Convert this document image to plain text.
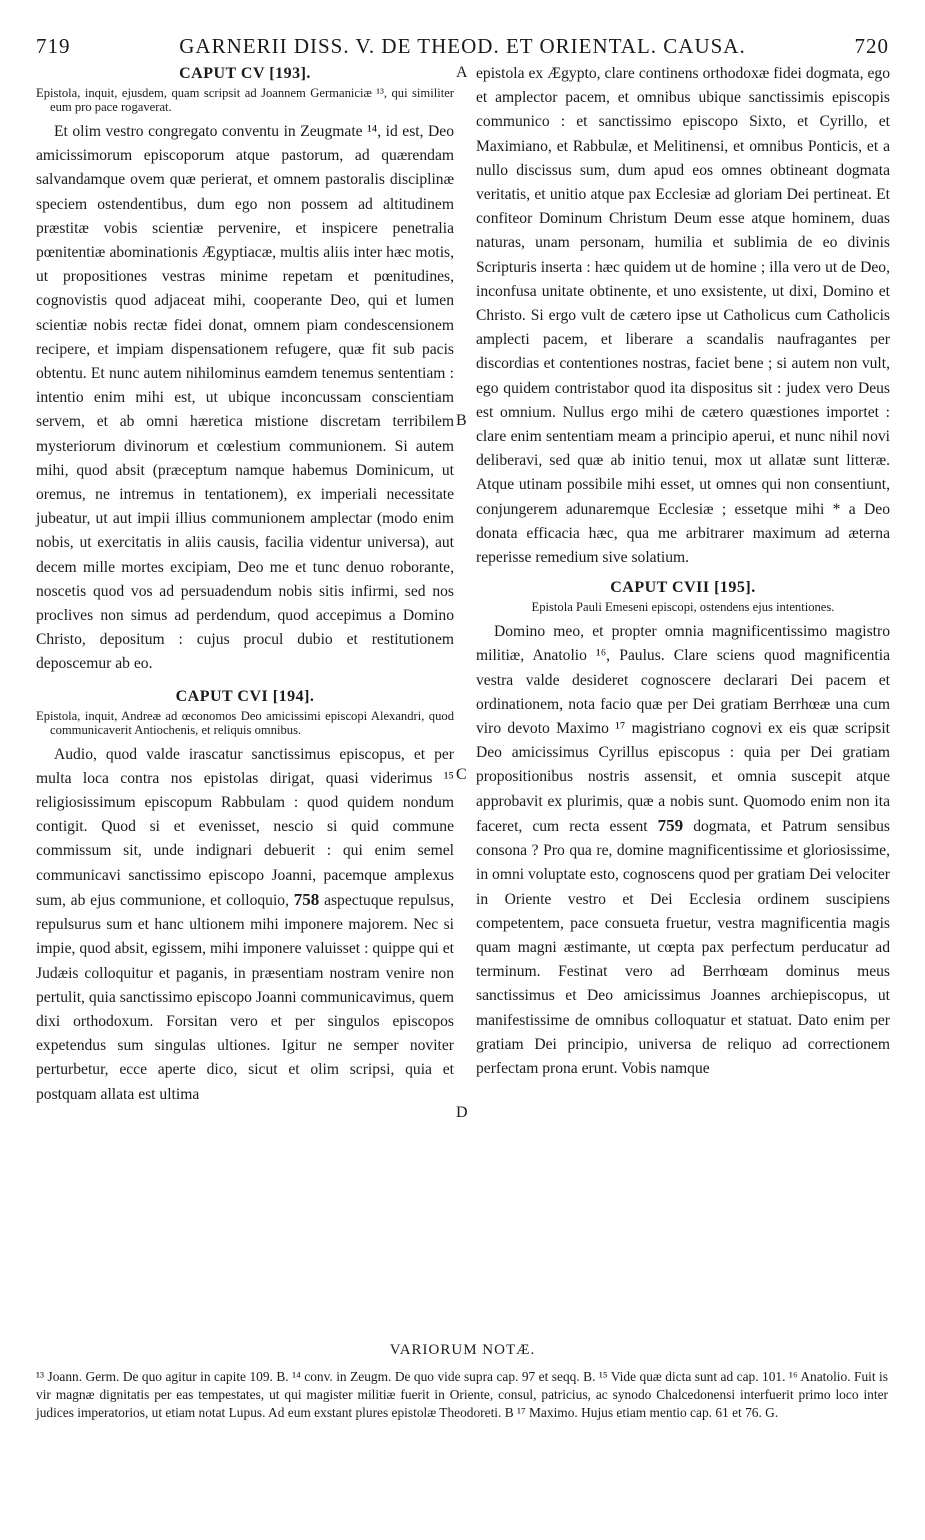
719	GARNERII DISS. V. DE THEOD. ET ORIENTAL. CAUSA.	720
A
B
C
D
CAPUT CV [193].
Epistola, inquit, ejusdem, quam scripsit ad Joannem Germaniciæ ¹³, qui similiter eum pro pace rogaverat.

Et olim vestro congregato conventu in Zeugmate ¹⁴, id est, Deo amicissimorum episcoporum atque pastorum, ad quærendam salvandamque ovem quæ perierat, et omnem pastoralis disciplinæ speciem ostendentibus, dum ego non possem ad altitudinem præstitæ vobis scientiæ pervenire, et inspicere penetralia pœnitentiæ abominationis Ægyptiacæ, multis aliis inter hæc motis, ut propositiones vestras minime repetam et pœnitudines, cognovistis quod adjaceat mihi, cooperante Deo, qui et lumen scientiæ nobis rectæ fidei donat, omnem piam condescensionem recipere, et impiam dispensationem refugere, quæ fit sub pacis obtentu. Et nunc autem nihilominus eamdem tenemus sententiam : intentio enim mihi est, ut ubique inconcussam conscientiam servem, et ab omni hæretica mistione discretam terribilem mysteriorum divinorum et cœlestium communionem. Si autem mihi, quod absit (præceptum namque habemus Dominicum, ut oremus, ne intremus in tentationem), ex imperiali necessitate jubeatur, ut aut impii illius communionem amplectar (modo enim nobis, ut exercitatis in aliis causis, facilia videntur universa), aut decem mille mortes excipiam, Deo me et tunc denuo roborante, noscetis quod vos ad persuadendum nobis sitis infirmi, sed nos proclives non simus ad perdendum, quod accepimus a Domino Christo, depositum : cujus procul dubio et restitutionem deposcemur ab eo.

CAPUT CVI [194].
Epistola, inquit, Andreæ ad œconomos Deo amicissimi episcopi Alexandri, quod communicaverit Antiochenis, et reliquis omnibus.

Audio, quod valde irascatur sanctissimus episcopus, et per multa loca contra nos epistolas dirigat, quasi viderimus ¹⁵ religiosissimum episcopum Rabbulam : quod quidem nondum contigit. Quod si et evenisset, nescio si quid commune commissum sit, unde indignari debuerit : qui enim semel communicavi sanctissimo episcopo Joanni, pacemque amplexus sum, ab ejus communione, et colloquio, 758 aspectuque repulsus, repulsurus sum et hanc ultionem mihi imponere majorem. Nec si impie, quod absit, egissem, mihi imponere valuisset : quippe qui et Judæis colloquitur et paganis, in præsentiam nostram venire non pertulit, quia sanctissimo episcopo Joanni communicavimus, quem dixi orthodoxum. Forsitan vero et per singulos episcopos expetendus sum singulas ultiones. Igitur ne semper noviter perturbetur, ecce aperte dico, sicut et olim scripsi, quia et postquam allata est ultima

epistola ex Ægypto, clare continens orthodoxæ fidei dogmata, ego et amplector pacem, et omnibus ubique sanctissimis episcopis communico : et sanctissimo episcopo Sixto, et Cyrillo, et Maximiano, et Rabbulæ, et Melitinensi, et omnibus Ponticis, et a nullo discissus sum, dum apud eos omnes obtineant dogmata veritatis, et unitio atque pax Ecclesiæ ad gloriam Dei pertineat. Et confiteor Dominum Christum Deum esse atque hominem, duas naturas, unam personam, humilia et sublimia de eo divinis Scripturis inserta : hæc quidem ut de homine ; illa vero ut de Deo, inconfusa unitate obtinente, et uno exsistente, ut dixi, Domino et Christo. Si ergo vult de cætero ipse ut Catholicus cum Catholicis amplecti pacem, et liberare a scandalis naufragantes per discordias et contentiones nostras, faciet bene ; si autem non vult, ego quidem contristabor quod ita dispositus sit : judex vero Deus est omnium. Nullus ergo mihi de cætero quæstiones importet : clare enim sententiam meam a principio aperui, et nunc nihil novi deliberavi, sed quæ ab initio tenui, mox ut allatæ sunt litteræ. Atque utinam possibile mihi esset, ut omnes qui non consentiunt, conjungerem adunaremque Ecclesiæ ; essetque mihi * a Deo donata efficacia hæc, qua me arbitrarer maximum ad æterna reperisse remedium sive solatium.

CAPUT CVII [195].
Epistola Pauli Emeseni episcopi, ostendens ejus intentiones.

Domino meo, et propter omnia magnificentissimo magistro militiæ, Anatolio ¹⁶, Paulus. Clare sciens quod magnificentia vestra valde desideret cognoscere declarari Dei pacem et ordinationem, nota facio quæ per Dei gratiam Berrhœæ una cum viro devoto Maximo ¹⁷ magistriano cognovi ex eis quæ scripsit Deo amicissimus Cyrillus episcopus : quia per Dei gratiam propositionibus nostris assensit, et omnia suscepit atque approbavit ex plurimis, quæ a nobis sunt. Quomodo enim non ita faceret, cum recta essent 759 dogmata, et Patrum sensibus consona ? Pro qua re, domine magnificentissime et gloriosissime, in omni voluptate esto, cognoscens quod per gratiam Dei velociter in Oriente vestro et Dei Ecclesia ordinem suscipiens competentem, pace consueta fruetur, vestra magnificentia magis quam magni æstimante, ut cœpta pax perfectum perducatur ad terminum. Festinat vero ad Berrhœam dominus meus sanctissimus et Deo amicissimus Joannes archiepiscopus, ut manifestissime de omnibus colloquatur et statuat. Dato enim per gratiam Dei principio, universa de reliquo ad correctionem perfectam prona erunt. Vobis namque

VARIORUM NOTÆ.

¹³ Joann. Germ. De quo agitur in capite 109. B. ¹⁴ conv. in Zeugm. De quo vide supra cap. 97 et seqq. B. ¹⁵ Vide quæ dicta sunt ad cap. 101. ¹⁶ Anatolio. Fuit is vir magnæ dignitatis per eas tempestates, ut qui magister militiæ fuerit in Oriente, consul, patricius, ac synodo Chalcedonensi interfuerit primo loco inter judices imperatorios, ut etiam notat Lupus. Ad eum exstant plures epistolæ Theodoreti. B ¹⁷ Maximo. Hujus etiam mentio cap. 61 et 76. G.
